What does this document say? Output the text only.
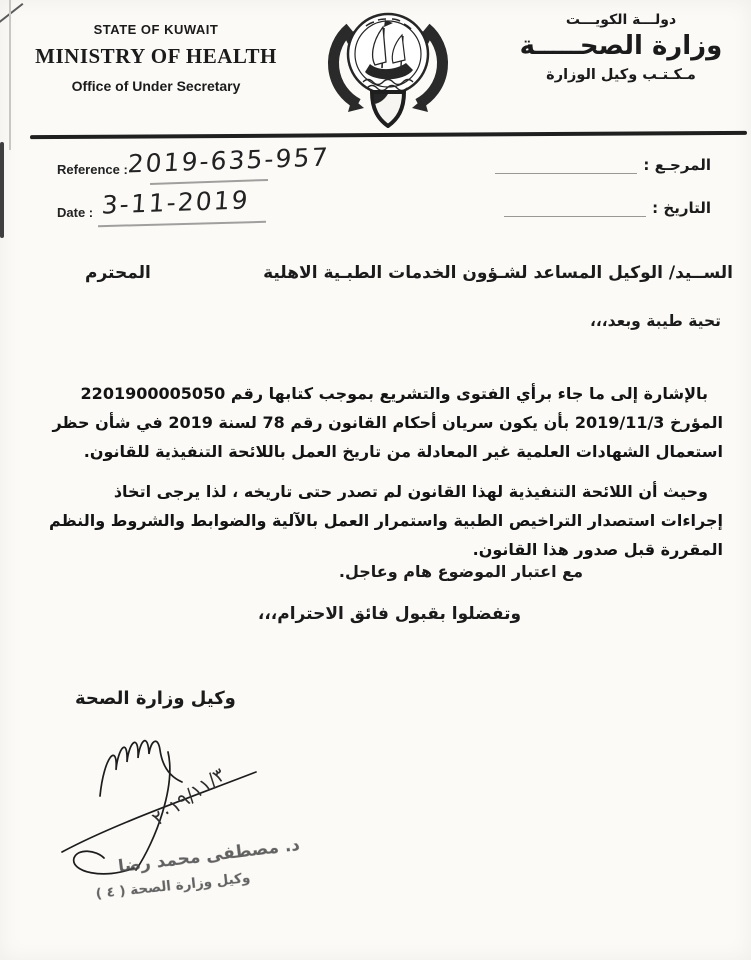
STATE OF KUWAIT
MINISTRY OF HEALTH
Office of Under Secretary
دولـــة الكويـــت
وزارة الصحـــــة
مـكـتـب وكيل الوزارة
Reference :
2019-635-957	المرجـع :
Date : 3-11-2019	التاريخ :
الســيد/ الوكيل المساعد لشـؤون الخدمات الطبـية الاهلية
المحترم
تحية طيبة وبعد،،،
بالإشارة إلى ما جاء برأي الفتوى والتشريع بموجب كتابها رقم 2201900005050
المؤرخ 2019/11/3 بأن يكون سريان أحكام القانون رقم 78 لسنة 2019 في شأن حظر
استعمال الشهادات العلمية غير المعادلة من تاريخ العمل باللائحة التنفيذية للقانون.
وحيث أن اللائحة التنفيذية لهذا القانون لم تصدر حتى تاريخه ، لذا يرجى اتخاذ
إجراءات استصدار التراخيص الطبية واستمرار العمل بالآلية والضوابط والشروط والنظم
المقررة قبل صدور هذا القانون.
مع اعتبار الموضوع هام وعاجل.
وتفضلوا بقبول فائق الاحترام،،،
وكيل وزارة الصحة
٢٠١٩/١١/٣
د. مصطفى محمد رضا
وكيل وزارة الصحة ( ٤ )
